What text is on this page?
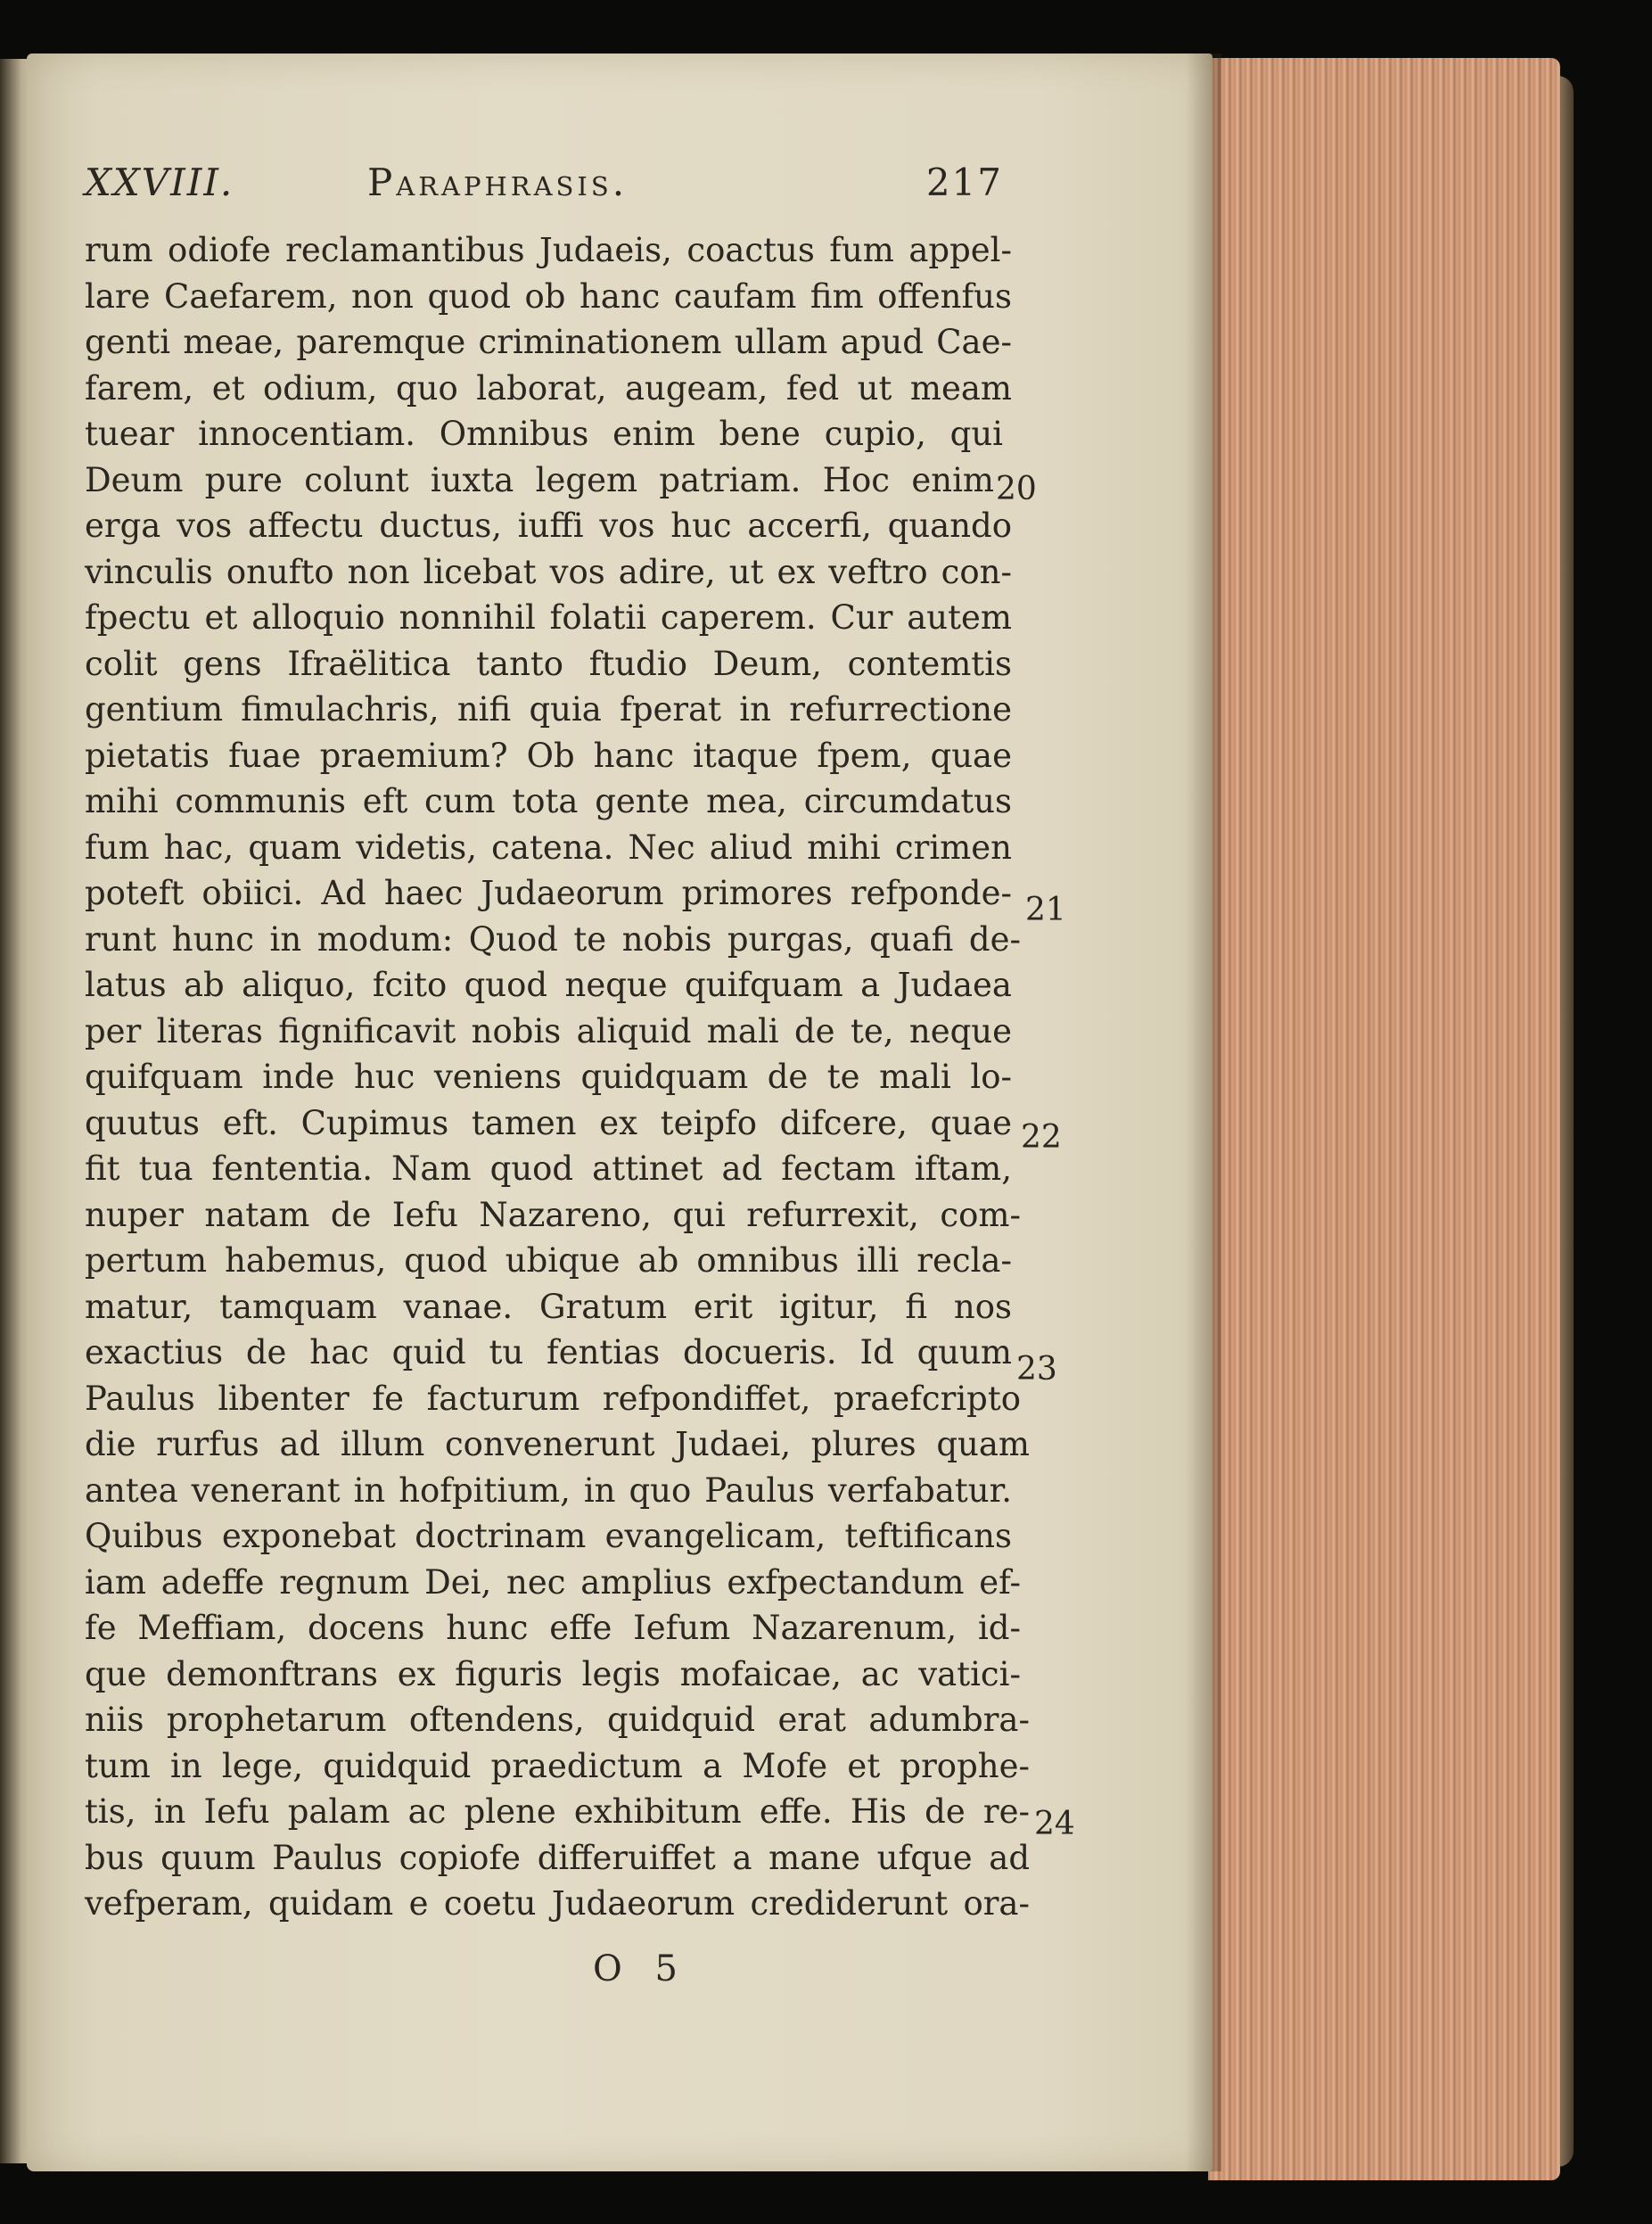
XXVIII.	Paraphrasis.	217
rum odiofe reclamantibus Judaeis, coactus fum appel-
lare Caefarem, non quod ob hanc caufam fim offenfus
genti meae, paremque criminationem ullam apud Cae-
farem, et odium, quo laborat, augeam, fed ut meam
tuear innocentiam. Omnibus enim bene cupio, qui
Deum pure colunt iuxta legem patriam. Hoc enim
erga vos affectu ductus, iuffi vos huc accerfi, quando
vinculis onufto non licebat vos adire, ut ex veftro con-
fpectu et alloquio nonnihil folatii caperem. Cur autem
colit gens Ifraëlitica tanto ftudio Deum, contemtis
gentium fimulachris, nifi quia fperat in refurrectione
pietatis fuae praemium? Ob hanc itaque fpem, quae
mihi communis eft cum tota gente mea, circumdatus
fum hac, quam videtis, catena. Nec aliud mihi crimen
poteft obiici. Ad haec Judaeorum primores refponde-
runt hunc in modum: Quod te nobis purgas, quafi de-
latus ab aliquo, fcito quod neque quifquam a Judaea
per literas fignificavit nobis aliquid mali de te, neque
quifquam inde huc veniens quidquam de te mali lo-
quutus eft. Cupimus tamen ex teipfo difcere, quae
fit tua fententia. Nam quod attinet ad fectam iftam,
nuper natam de Iefu Nazareno, qui refurrexit, com-
pertum habemus, quod ubique ab omnibus illi recla-
matur, tamquam vanae. Gratum erit igitur, fi nos
exactius de hac quid tu fentias docueris. Id quum
Paulus libenter fe facturum refpondiffet, praefcripto
die rurfus ad illum convenerunt Judaei, plures quam
antea venerant in hofpitium, in quo Paulus verfabatur.
Quibus exponebat doctrinam evangelicam, teftificans
iam adeffe regnum Dei, nec amplius exfpectandum ef-
fe Meffiam, docens hunc effe Iefum Nazarenum, id-
que demonftrans ex figuris legis mofaicae, ac vatici-
niis prophetarum oftendens, quidquid erat adumbra-
tum in lege, quidquid praedictum a Mofe et prophe-
tis, in Iefu palam ac plene exhibitum effe. His de re-
bus quum Paulus copiofe differuiffet a mane ufque ad
vefperam, quidam e coetu Judaeorum crediderunt ora-
20
21
22
23
24
O 5
